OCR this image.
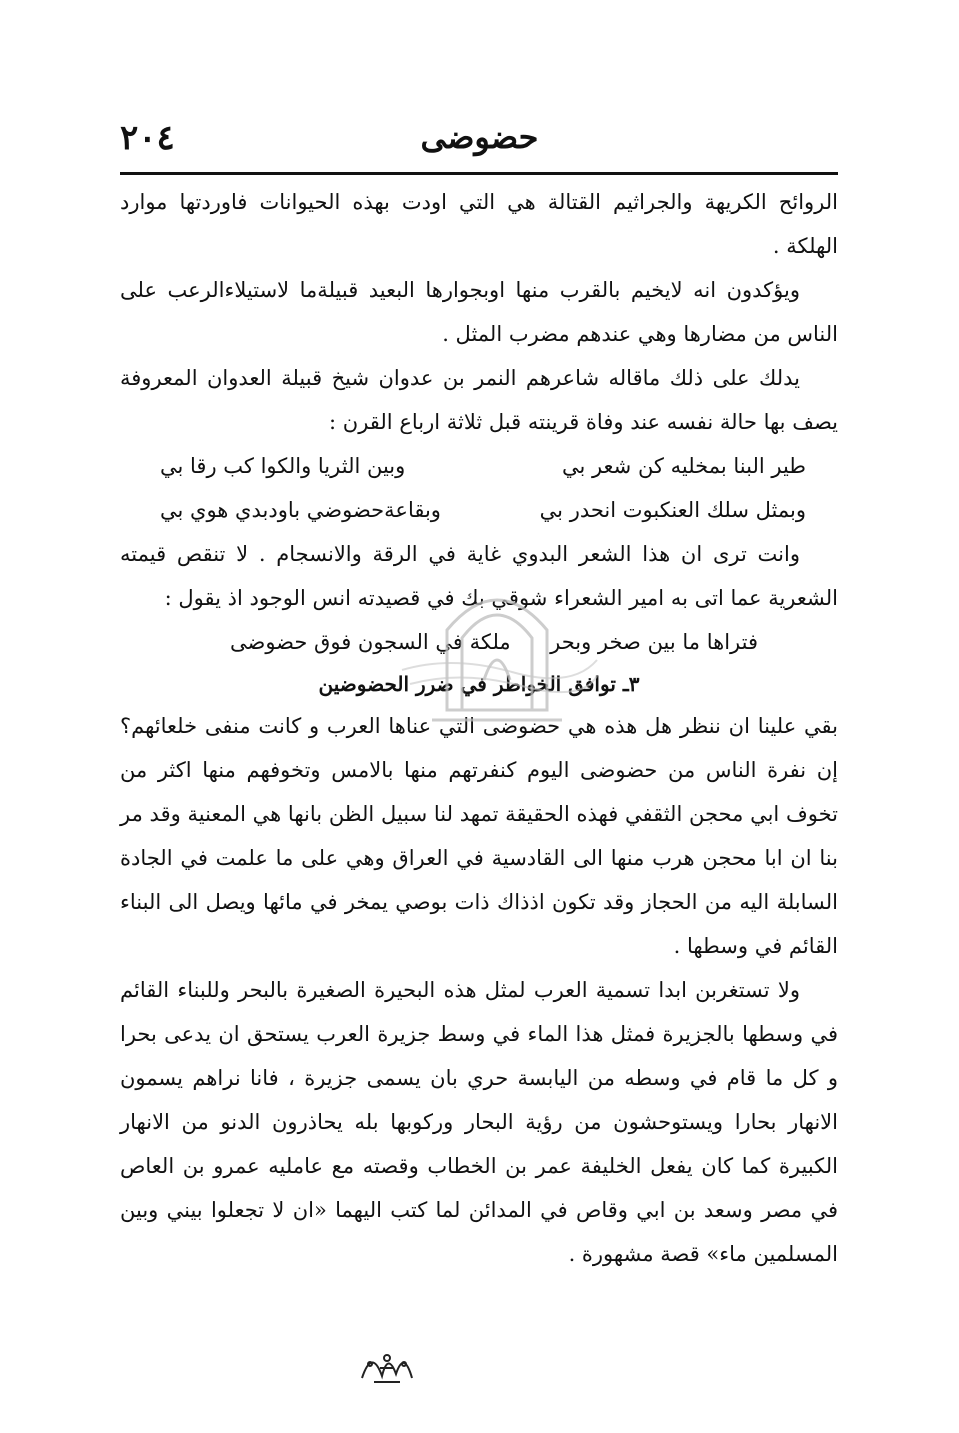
٢٠٤	حضوضى

الروائح الكريهة والجراثيم القتالة هي التي اودت بهذه الحيوانات فاوردتها موارد الهلكة .

ويؤكدون انه لايخيم بالقرب منها اوبجوارها البعيد قبيلةما لاستيلاءالرعب على الناس من مضارها وهي عندهم مضرب المثل .

يدلك على ذلك ماقاله شاعرهم النمر بن عدوان شيخ قبيلة العدوان المعروفة يصف بها حالة نفسه عند وفاة قرينته قبل ثلاثة ارباع القرن :

طير البنا بمخليه كن شعر بي
وبين الثريا والكوا كب رقا بي
وبمثل سلك العنكبوت انحدر بي
وبقاعةحضوضي باودبدي هوي بي

وانت ترى ان هذا الشعر البدوي غاية في الرقة والانسجام . لا تنقص قيمته الشعرية عما اتى به امير الشعراء شوقي بك في قصيدته انس الوجود اذ يقول :

فتراها ما بين صخر وبحر
ملكة في السجون فوق حضوضى
٣ـ توافق الخواطر في ضرر الحضوضين

بقي علينا ان ننظر هل هذه هي حضوضى التي عناها العرب و كانت منفى خلعائهم؟ إن نفرة الناس من حضوضى اليوم كنفرتهم منها بالامس وتخوفهم منها اكثر من تخوف ابي محجن الثقفي فهذه الحقيقة تمهد لنا سبيل الظن بانها هي المعنية وقد مر بنا ان ابا محجن هرب منها الى القادسية في العراق وهي على ما علمت في الجادة السابلة اليه من الحجاز وقد تكون اذذاك ذات بوصي يمخر في مائها ويصل الى البناء القائم في وسطها .

ولا تستغربن ابدا تسمية العرب لمثل هذه البحيرة الصغيرة بالبحر وللبناء القائم في وسطها بالجزيرة فمثل هذا الماء في وسط جزيرة العرب يستحق ان يدعى بحرا و كل ما قام في وسطه من اليابسة حري بان يسمى جزيرة ، فانا نراهم يسمون الانهار بحارا ويستوحشون من رؤية البحار وركوبها بله يحاذرون الدنو من الانهار الكبيرة كما كان يفعل الخليفة عمر بن الخطاب وقصته مع عامليه عمرو بن العاص في مصر وسعد بن ابي وقاص في المدائن لما كتب اليهما «ان لا تجعلوا بيني وبين المسلمين ماء» قصة مشهورة .
